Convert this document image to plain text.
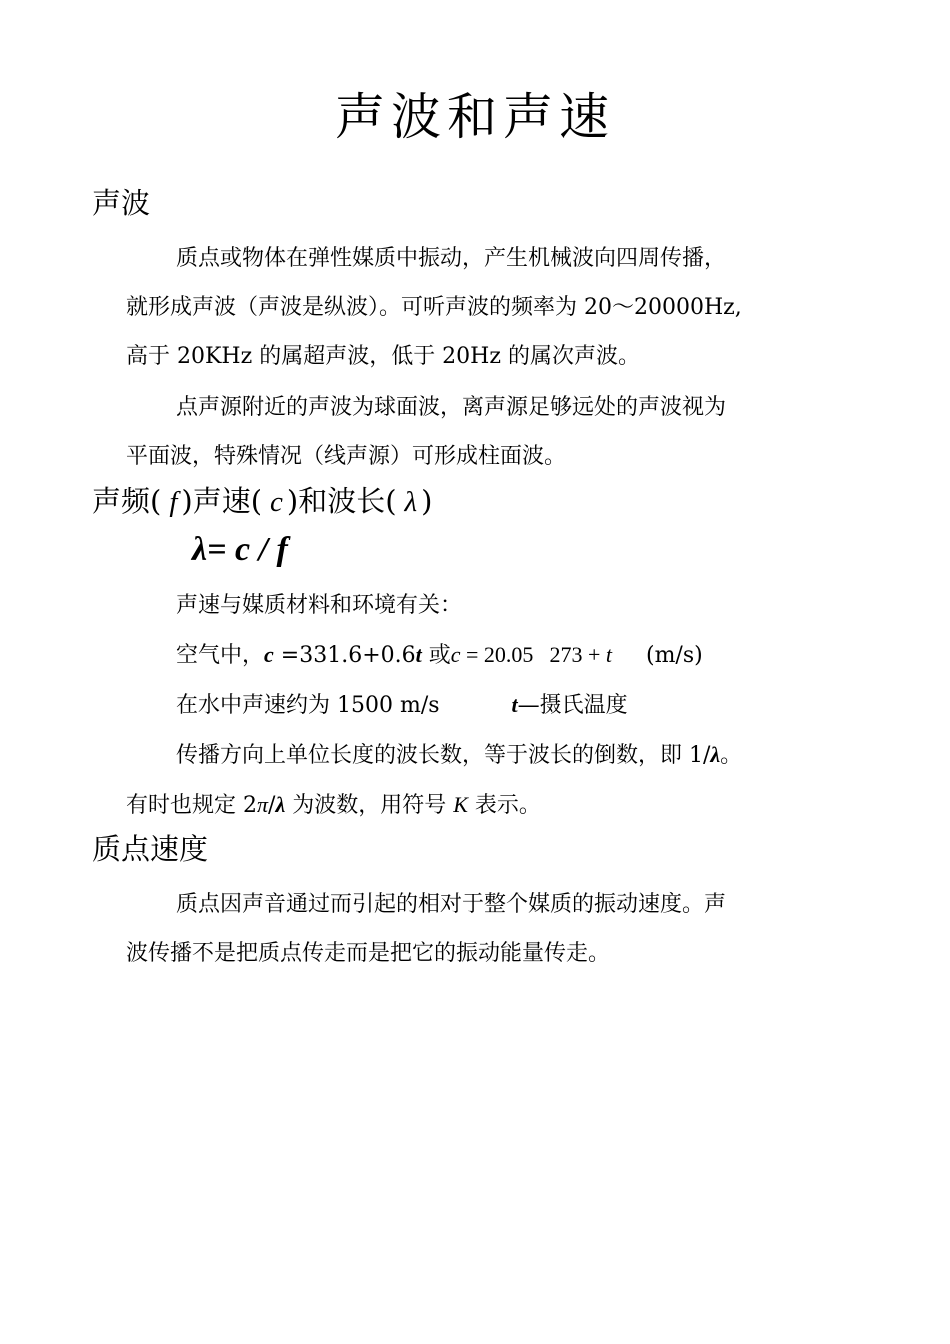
声波和声速
声波
质点或物体在弹性媒质中振动，产生机械波向四周传播，
就形成声波（声波是纵波）。可听声波的频率为 20～20000Hz,
高于 20KHz 的属超声波，低于 20Hz 的属次声波。
点声源附近的声波为球面波，离声源足够远处的声波视为
平面波，特殊情况（线声源）可形成柱面波。
声频( f )声速( c )和波长( λ )
λ= c / f
声速与媒质材料和环境有关：
空气中，c =331.6+0.6t 或c = 20.05 273 + t (m/s)
在水中声速约为 1500 m/s	t—摄氏温度
传播方向上单位长度的波长数，等于波长的倒数，即 1/λ。
有时也规定 2π/λ 为波数，用符号 K 表示。
质点速度
质点因声音通过而引起的相对于整个媒质的振动速度。声
波传播不是把质点传走而是把它的振动能量传走。
